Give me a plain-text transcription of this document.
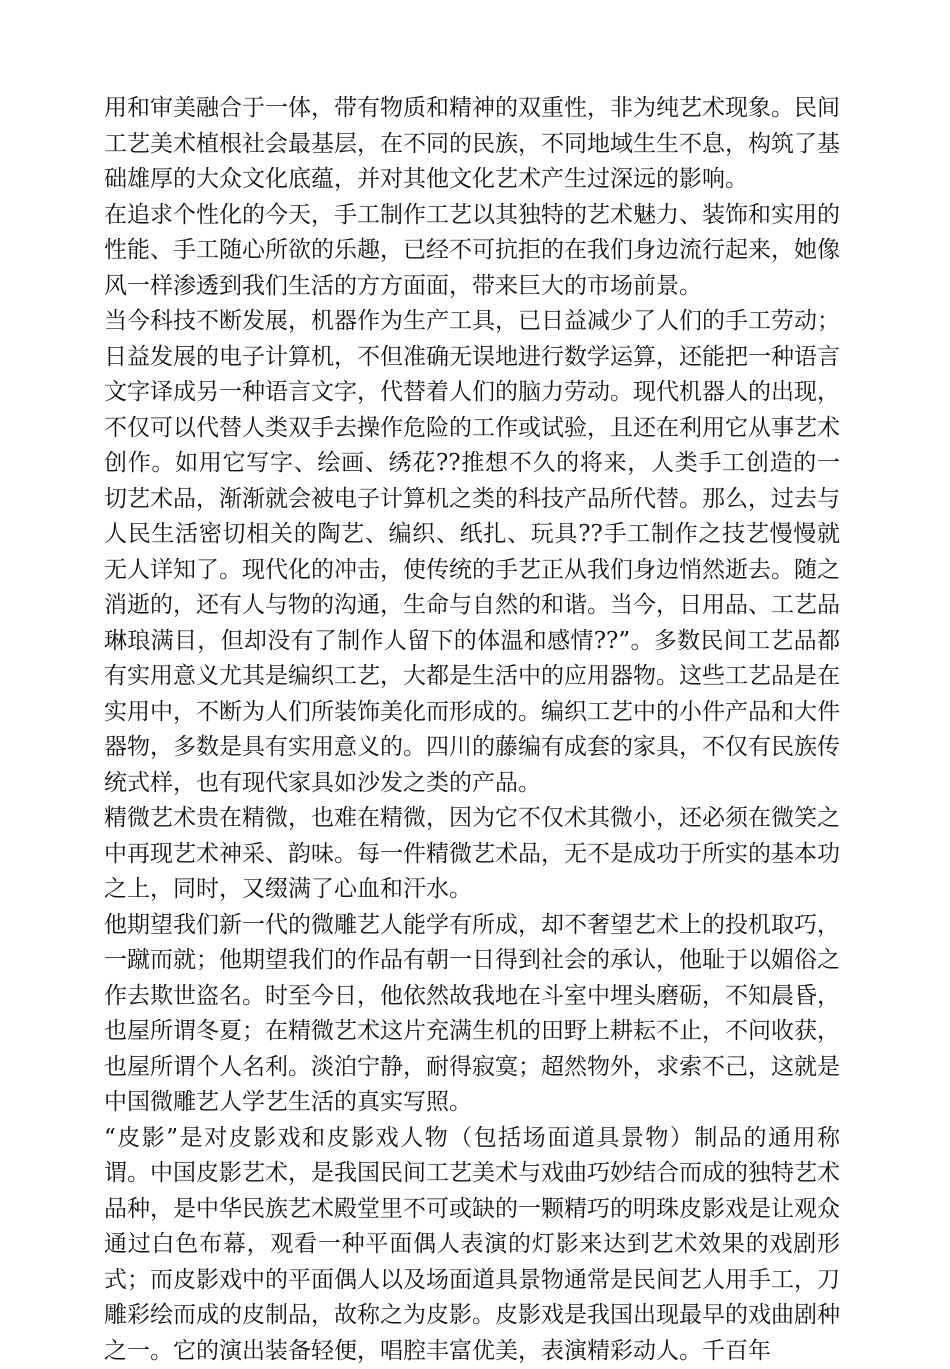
用和审美融合于一体，带有物质和精神的双重性，非为纯艺术现象。民间工艺美术植根社会最基层，在不同的民族，不同地域生生不息，构筑了基础雄厚的大众文化底蕴，并对其他文化艺术产生过深远的影响。

在追求个性化的今天，手工制作工艺以其独特的艺术魅力、装饰和实用的性能、手工随心所欲的乐趣，已经不可抗拒的在我们身边流行起来，她像风一样渗透到我们生活的方方面面，带来巨大的市场前景。

当今科技不断发展，机器作为生产工具，已日益减少了人们的手工劳动；日益发展的电子计算机，不但准确无误地进行数学运算，还能把一种语言文字译成另一种语言文字，代替着人们的脑力劳动。现代机器人的出现，不仅可以代替人类双手去操作危险的工作或试验，且还在利用它从事艺术创作。如用它写字、绘画、绣花??推想不久的将来，人类手工创造的一切艺术品，渐渐就会被电子计算机之类的科技产品所代替。那么，过去与人民生活密切相关的陶艺、编织、纸扎、玩具??手工制作之技艺慢慢就无人详知了。现代化的冲击，使传统的手艺正从我们身边悄然逝去。随之消逝的，还有人与物的沟通，生命与自然的和谐。当今，日用品、工艺品琳琅满目，但却没有了制作人留下的体温和感情??”。多数民间工艺品都有实用意义尤其是编织工艺，大都是生活中的应用器物。这些工艺品是在实用中，不断为人们所装饰美化而形成的。编织工艺中的小件产品和大件器物，多数是具有实用意义的。四川的藤编有成套的家具，不仅有民族传统式样，也有现代家具如沙发之类的产品。

精微艺术贵在精微，也难在精微，因为它不仅术其微小，还必须在微笑之中再现艺术神采、韵味。每一件精微艺术品，无不是成功于所实的基本功之上，同时，又缀满了心血和汗水。

他期望我们新一代的微雕艺人能学有所成，却不奢望艺术上的投机取巧，一蹴而就；他期望我们的作品有朝一日得到社会的承认，他耻于以媚俗之作去欺世盗名。时至今日，他依然故我地在斗室中埋头磨砺，不知晨昏，也屋所谓冬夏；在精微艺术这片充满生机的田野上耕耘不止，不问收获，也屋所谓个人名利。淡泊宁静，耐得寂寞；超然物外，求索不己，这就是中国微雕艺人学艺生活的真实写照。

“皮影”是对皮影戏和皮影戏人物（包括场面道具景物）制品的通用称谓。中国皮影艺术，是我国民间工艺美术与戏曲巧妙结合而成的独特艺术品种，是中华民族艺术殿堂里不可或缺的一颗精巧的明珠皮影戏是让观众通过白色布幕，观看一种平面偶人表演的灯影来达到艺术效果的戏剧形式；而皮影戏中的平面偶人以及场面道具景物通常是民间艺人用手工，刀雕彩绘而成的皮制品，故称之为皮影。皮影戏是我国出现最早的戏曲剧种之一。它的演出装备轻便，唱腔丰富优美，表演精彩动人。千百年
